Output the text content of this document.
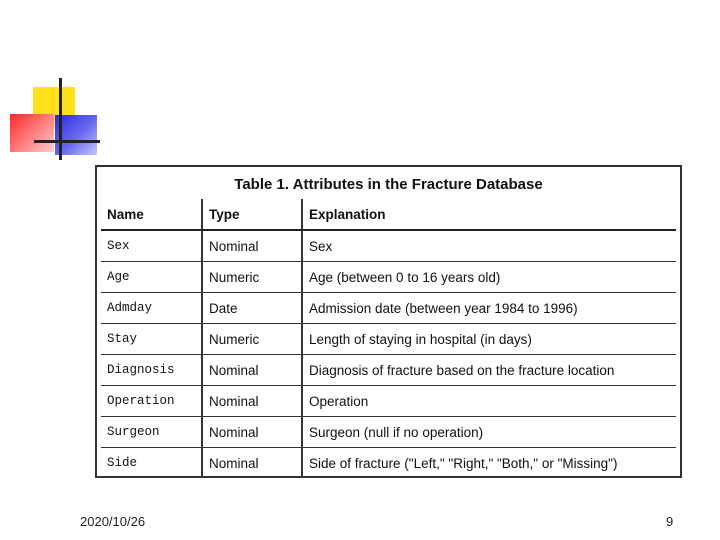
Table 1. Attributes in the Fracture Database
Name	Type	Explanation
Sex	Nominal	Sex
Age	Numeric	Age (between 0 to 16 years old)
Admday	Date	Admission date (between year 1984 to 1996)
Stay	Numeric	Length of staying in hospital (in days)
Diagnosis	Nominal	Diagnosis of fracture based on the fracture location
Operation	Nominal	Operation
Surgeon	Nominal	Surgeon (null if no operation)
Side	Nominal	Side of fracture ("Left," "Right," "Both," or "Missing")
2020/10/26	9
